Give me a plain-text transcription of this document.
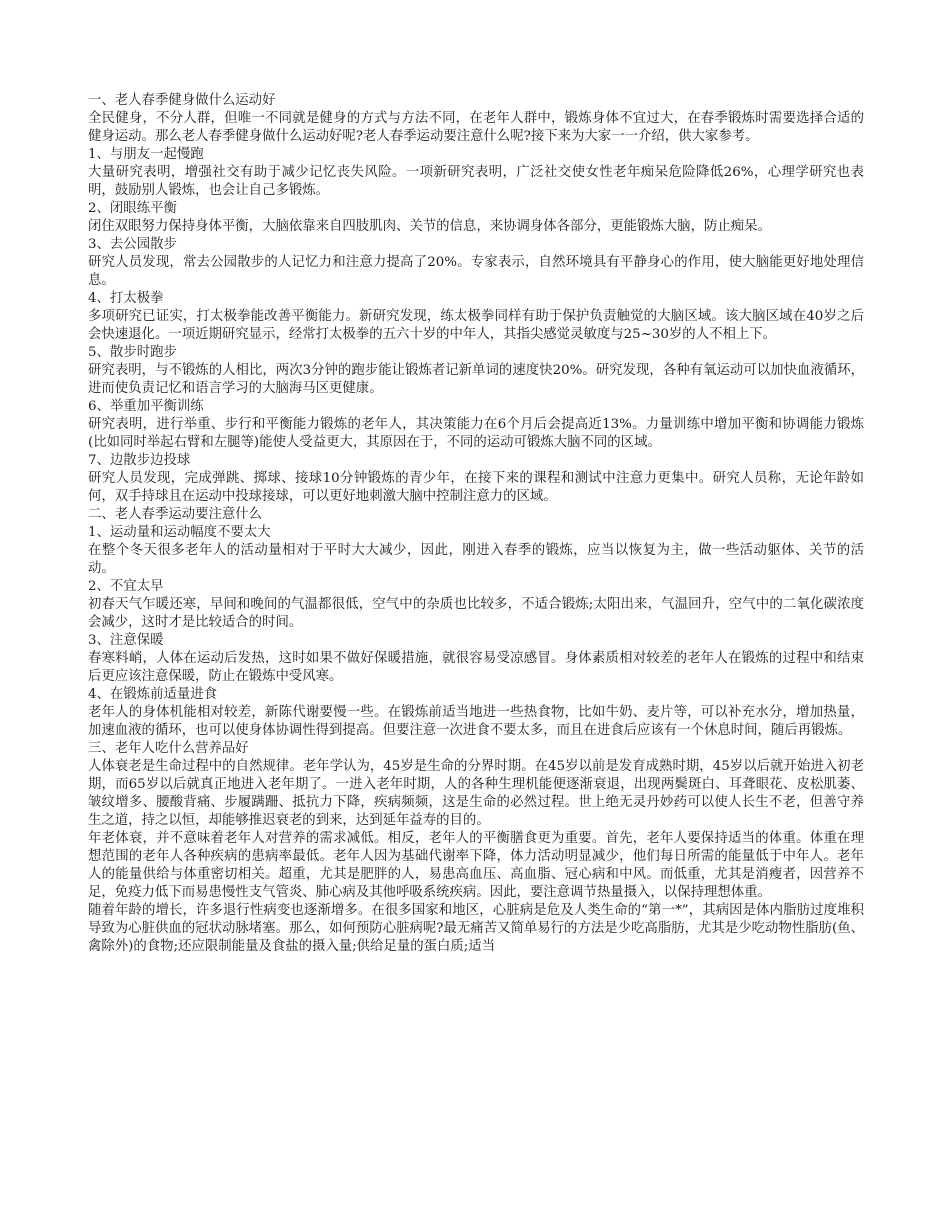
一、老人春季健身做什么运动好
全民健身，不分人群，但唯一不同就是健身的方式与方法不同，在老年人群中，锻炼身体不宜过大，在春季锻炼时需要选择合适的健身运动。那么老人春季健身做什么运动好呢?老人春季运动要注意什么呢?接下来为大家一一介绍，供大家参考。
1、与朋友一起慢跑
大量研究表明，增强社交有助于减少记忆丧失风险。一项新研究表明，广泛社交使女性老年痴呆危险降低26%，心理学研究也表明，鼓励别人锻炼，也会让自己多锻炼。
2、闭眼练平衡
闭住双眼努力保持身体平衡，大脑依靠来自四肢肌肉、关节的信息，来协调身体各部分，更能锻炼大脑，防止痴呆。
3、去公园散步
研究人员发现，常去公园散步的人记忆力和注意力提高了20%。专家表示，自然环境具有平静身心的作用，使大脑能更好地处理信息。
4、打太极拳
多项研究已证实，打太极拳能改善平衡能力。新研究发现，练太极拳同样有助于保护负责触觉的大脑区域。该大脑区域在40岁之后会快速退化。一项近期研究显示，经常打太极拳的五六十岁的中年人，其指尖感觉灵敏度与25~30岁的人不相上下。
5、散步时跑步
研究表明，与不锻炼的人相比，两次3分钟的跑步能让锻炼者记新单词的速度快20%。研究发现，各种有氧运动可以加快血液循环，进而使负责记忆和语言学习的大脑海马区更健康。
6、举重加平衡训练
研究表明，进行举重、步行和平衡能力锻炼的老年人，其决策能力在6个月后会提高近13%。力量训练中增加平衡和协调能力锻炼(比如同时举起右臂和左腿等)能使人受益更大，其原因在于，不同的运动可锻炼大脑不同的区域。
7、边散步边投球
研究人员发现，完成弹跳、掷球、接球10分钟锻炼的青少年，在接下来的课程和测试中注意力更集中。研究人员称，无论年龄如何，双手持球且在运动中投球接球，可以更好地刺激大脑中控制注意力的区域。
二、老人春季运动要注意什么
1、运动量和运动幅度不要太大
在整个冬天很多老年人的活动量相对于平时大大减少，因此，刚进入春季的锻炼，应当以恢复为主，做一些活动躯体、关节的活动。
2、不宜太早
初春天气乍暖还寒，早间和晚间的气温都很低，空气中的杂质也比较多，不适合锻炼;太阳出来，气温回升，空气中的二氧化碳浓度会减少，这时才是比较适合的时间。
3、注意保暖
春寒料峭，人体在运动后发热，这时如果不做好保暖措施，就很容易受凉感冒。身体素质相对较差的老年人在锻炼的过程中和结束后更应该注意保暖，防止在锻炼中受风寒。
4、在锻炼前适量进食
老年人的身体机能相对较差，新陈代谢要慢一些。在锻炼前适当地进一些热食物，比如牛奶、麦片等，可以补充水分，增加热量，加速血液的循环，也可以使身体协调性得到提高。但要注意一次进食不要太多，而且在进食后应该有一个休息时间，随后再锻炼。
三、老年人吃什么营养品好
人体衰老是生命过程中的自然规律。老年学认为，45岁是生命的分界时期。在45岁以前是发育成熟时期，45岁以后就开始进入初老期，而65岁以后就真正地进入老年期了。一进入老年时期，人的各种生理机能便逐渐衰退，出现两鬓斑白、耳聋眼花、皮松肌萎、皱纹增多、腰酸背痛、步履蹒跚、抵抗力下降，疾病频频，这是生命的必然过程。世上绝无灵丹妙药可以使人长生不老，但善守养生之道，持之以恒，却能够推迟衰老的到来，达到延年益寿的目的。
年老体衰，并不意味着老年人对营养的需求减低。相反，老年人的平衡膳食更为重要。首先，老年人要保持适当的体重。体重在理想范围的老年人各种疾病的患病率最低。老年人因为基础代谢率下降，体力活动明显减少，他们每日所需的能量低于中年人。老年人的能量供给与体重密切相关。超重，尤其是肥胖的人，易患高血压、高血脂、冠心病和中风。而低重，尤其是消瘦者，因营养不足，免疫力低下而易患慢性支气管炎、肺心病及其他呼吸系统疾病。因此，要注意调节热量摄入，以保持理想体重。
随着年龄的增长，许多退行性病变也逐渐增多。在很多国家和地区，心脏病是危及人类生命的“第一*”，其病因是体内脂肪过度堆积导致为心脏供血的冠状动脉堵塞。那么，如何预防心脏病呢?最无痛苦又简单易行的方法是少吃高脂肪，尤其是少吃动物性脂肪(鱼、禽除外)的食物;还应限制能量及食盐的摄入量;供给足量的蛋白质;适当
